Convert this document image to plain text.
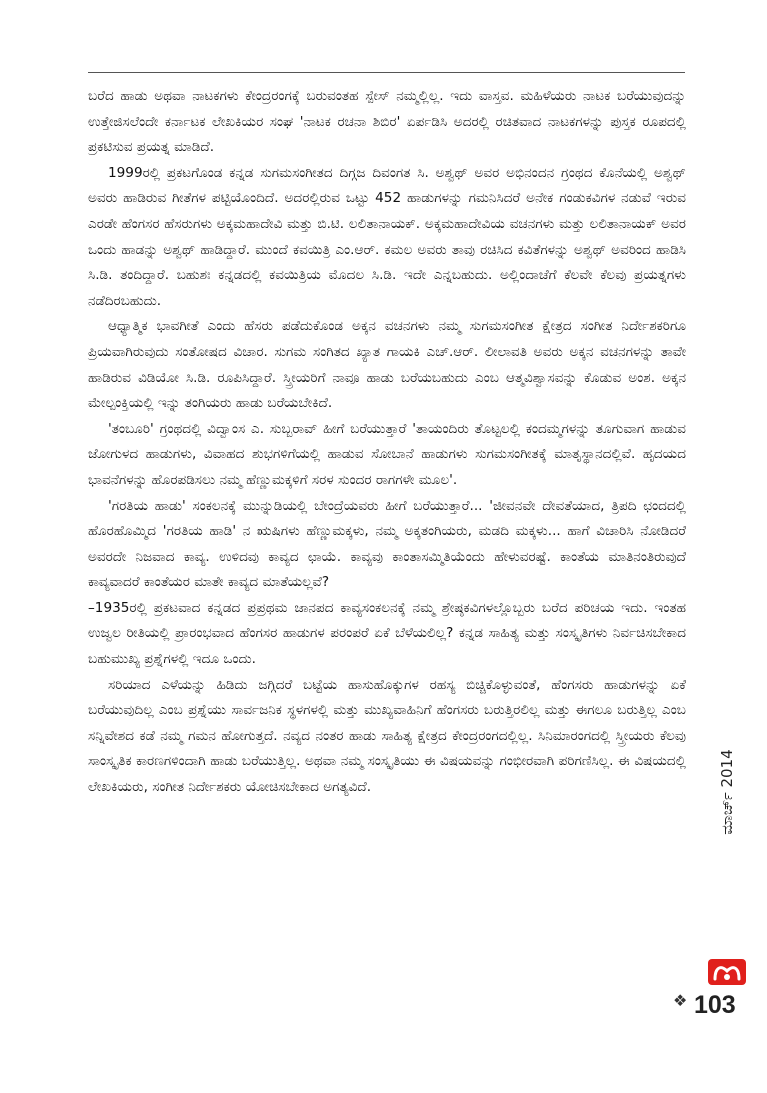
ಬರೆದ ಹಾಡು ಅಥವಾ ನಾಟಕಗಳು ಕೇಂದ್ರರಂಗಕ್ಕೆ ಬರುವಂತಹ ಸ್ಪೇಸ್ ನಮ್ಮಲ್ಲಿಲ್ಲ. ಇದು ವಾಸ್ತವ. ಮಹಿಳೆಯರು ನಾಟಕ ಬರೆಯುವುದನ್ನು ಉತ್ತೇಜಿಸಲೆಂದೇ ಕರ್ನಾಟಕ ಲೇಖಕಿಯರ ಸಂಘ 'ನಾಟಕ ರಚನಾ ಶಿಬಿರ' ಏರ್ಪಡಿಸಿ ಅದರಲ್ಲಿ ರಚಿತವಾದ ನಾಟಕಗಳನ್ನು ಪುಸ್ತಕ ರೂಪದಲ್ಲಿ ಪ್ರಕಟಿಸುವ ಪ್ರಯತ್ನ ಮಾಡಿದೆ.

1999ರಲ್ಲಿ ಪ್ರಕಟಗೊಂಡ ಕನ್ನಡ ಸುಗಮಸಂಗೀತದ ದಿಗ್ಗಜ ದಿವಂಗತ ಸಿ. ಅಶ್ವಥ್ ಅವರ ಅಭಿನಂದನ ಗ್ರಂಥದ ಕೊನೆಯಲ್ಲಿ ಅಶ್ವಥ್ ಅವರು ಹಾಡಿರುವ ಗೀತೆಗಳ ಪಟ್ಟಿಯೊಂದಿದೆ. ಅದರಲ್ಲಿರುವ ಒಟ್ಟು 452 ಹಾಡುಗಳನ್ನು ಗಮನಿಸಿದರೆ ಅನೇಕ ಗಂಡುಕವಿಗಳ ನಡುವೆ ಇರುವ ಎರಡೇ ಹೆಂಗಸರ ಹೆಸರುಗಳು ಅಕ್ಕಮಹಾದೇವಿ ಮತ್ತು ಬಿ.ಟಿ. ಲಲಿತಾನಾಯಕ್. ಅಕ್ಕಮಹಾದೇವಿಯ ವಚನಗಳು ಮತ್ತು ಲಲಿತಾನಾಯಕ್ ಅವರ ಒಂದು ಹಾಡನ್ನು ಅಶ್ವಥ್ ಹಾಡಿದ್ದಾರೆ. ಮುಂದೆ ಕವಯಿತ್ರಿ ಎಂ.ಆರ್. ಕಮಲ ಅವರು ತಾವು ರಚಿಸಿದ ಕವಿತೆಗಳನ್ನು ಅಶ್ವಥ್ ಅವರಿಂದ ಹಾಡಿಸಿ ಸಿ.ಡಿ. ತಂದಿದ್ದಾರೆ. ಬಹುಶಃ ಕನ್ನಡದಲ್ಲಿ ಕವಯಿತ್ರಿಯ ಮೊದಲ ಸಿ.ಡಿ. ಇದೇ ಎನ್ನಬಹುದು. ಅಲ್ಲಿಂದಾಚೆಗೆ ಕೆಲವೇ ಕೆಲವು ಪ್ರಯತ್ನಗಳು ನಡೆದಿರಬಹುದು.

ಆಧ್ಯಾತ್ಮಿಕ ಭಾವಗೀತೆ ಎಂದು ಹೆಸರು ಪಡೆದುಕೊಂಡ ಅಕ್ಕನ ವಚನಗಳು ನಮ್ಮ ಸುಗಮಸಂಗೀತ ಕ್ಷೇತ್ರದ ಸಂಗೀತ ನಿರ್ದೇಶಕರಿಗೂ ಪ್ರಿಯವಾಗಿರುವುದು ಸಂತೋಷದ ವಿಚಾರ. ಸುಗಮ ಸಂಗಿತದ ಖ್ಯಾತ ಗಾಯಕಿ ಎಚ್.ಆರ್. ಲೀಲಾವತಿ ಅವರು ಅಕ್ಕನ ವಚನಗಳನ್ನು ತಾವೇ ಹಾಡಿರುವ ವಿಡಿಯೋ ಸಿ.ಡಿ. ರೂಪಿಸಿದ್ದಾರೆ. ಸ್ತ್ರೀಯರಿಗೆ ನಾವೂ ಹಾಡು ಬರೆಯಬಹುದು ಎಂಬ ಆತ್ಮವಿಶ್ವಾಸವನ್ನು ಕೊಡುವ ಅಂಶ. ಅಕ್ಕನ ಮೇಲ್ಪಂಕ್ತಿಯಲ್ಲಿ ಇನ್ನು ತಂಗಿಯರು ಹಾಡು ಬರೆಯಬೇಕಿದೆ.

'ತಂಬೂರಿ' ಗ್ರಂಥದಲ್ಲಿ ವಿದ್ವಾಂಸ ಎ. ಸುಬ್ಬರಾವ್ ಹೀಗೆ ಬರೆಯುತ್ತಾರೆ 'ತಾಯಂದಿರು ತೊಟ್ಟಲಲ್ಲಿ ಕಂದಮ್ಮಗಳನ್ನು ತೂಗುವಾಗ ಹಾಡುವ ಜೋಗುಳದ ಹಾಡುಗಳು, ವಿವಾಹದ ಶುಭಗಳಿಗೆಯಲ್ಲಿ ಹಾಡುವ ಸೋಬಾನೆ ಹಾಡುಗಳು ಸುಗಮಸಂಗೀತಕ್ಕೆ ಮಾತೃಸ್ಥಾನದಲ್ಲಿವೆ. ಹೃದಯದ ಭಾವನೆಗಳನ್ನು ಹೊರಪಡಿಸಲು ನಮ್ಮ ಹೆಣ್ಣುಮಕ್ಕಳಿಗೆ ಸರಳ ಸುಂದರ ರಾಗಗಳೇ ಮೂಲ'.

'ಗರತಿಯ ಹಾಡು' ಸಂಕಲನಕ್ಕೆ ಮುನ್ನುಡಿಯಲ್ಲಿ ಬೇಂದ್ರೆಯವರು ಹೀಗೆ ಬರೆಯುತ್ತಾರೆ... 'ಜೀವನವೇ ದೇವತೆಯಾದ, ತ್ರಿಪದಿ ಛಂದದಲ್ಲಿ ಹೊರಹೊಮ್ಮಿದ 'ಗರತಿಯ ಹಾಡಿ' ನ ಋಷಿಗಳು ಹೆಣ್ಣುಮಕ್ಕಳು, ನಮ್ಮ ಅಕ್ಕತಂಗಿಯರು, ಮಡದಿ ಮಕ್ಕಳು... ಹಾಗೆ ವಿಚಾರಿಸಿ ನೋಡಿದರೆ ಅವರದೇ ನಿಜವಾದ ಕಾವ್ಯ. ಉಳಿದವು ಕಾವ್ಯದ ಛಾಯೆ. ಕಾವ್ಯವು ಕಾಂತಾಸಮ್ಮಿತಿಯೆಂದು ಹೇಳುವರಷ್ಟೆ. ಕಾಂತೆಯ ಮಾತಿನಂತಿರುವುದೆ ಕಾವ್ಯವಾದರೆ ಕಾಂತೆಯರ ಮಾತೇ ಕಾವ್ಯದ ಮಾತೆಯಲ್ಲವೆ?

–1935ರಲ್ಲಿ ಪ್ರಕಟವಾದ ಕನ್ನಡದ ಪ್ರಪ್ರಥಮ ಜಾನಪದ ಕಾವ್ಯಸಂಕಲನಕ್ಕೆ ನಮ್ಮ ಶ್ರೇಷ್ಠಕವಿಗಳಲ್ಲೊಬ್ಬರು ಬರೆದ ಪರಿಚಯ ಇದು. ಇಂತಹ ಉಜ್ವಲ ರೀತಿಯಲ್ಲಿ ಪ್ರಾರಂಭವಾದ ಹೆಂಗಸರ ಹಾಡುಗಳ ಪರಂಪರೆ ಏಕೆ ಬೆಳೆಯಲಿಲ್ಲ? ಕನ್ನಡ ಸಾಹಿತ್ಯ ಮತ್ತು ಸಂಸ್ಕೃತಿಗಳು ನಿರ್ವಚಿಸಬೇಕಾದ ಬಹುಮುಖ್ಯ ಪ್ರಶ್ನೆಗಳಲ್ಲಿ ಇದೂ ಒಂದು.

ಸರಿಯಾದ ಎಳೆಯನ್ನು ಹಿಡಿದು ಜಗ್ಗಿದರೆ ಬಟ್ಟೆಯ ಹಾಸುಹೊಕ್ಕುಗಳ ರಹಸ್ಯ ಬಿಚ್ಚಿಕೊಳ್ಳುವಂತೆ, ಹೆಂಗಸರು ಹಾಡುಗಳನ್ನು ಏಕೆ ಬರೆಯುವುದಿಲ್ಲ ಎಂಬ ಪ್ರಶ್ನೆಯು ಸಾರ್ವಜನಿಕ ಸ್ಥಳಗಳಲ್ಲಿ ಮತ್ತು ಮುಖ್ಯವಾಹಿನಿಗೆ ಹೆಂಗಸರು ಬರುತ್ತಿರಲಿಲ್ಲ ಮತ್ತು ಈಗಲೂ ಬರುತ್ತಿಲ್ಲ ಎಂಬ ಸನ್ನಿವೇಶದ ಕಡೆ ನಮ್ಮ ಗಮನ ಹೋಗುತ್ತದೆ. ನವ್ಯದ ನಂತರ ಹಾಡು ಸಾಹಿತ್ಯ ಕ್ಷೇತ್ರದ ಕೇಂದ್ರರಂಗದಲ್ಲಿಲ್ಲ. ಸಿನಿಮಾರಂಗದಲ್ಲಿ ಸ್ತ್ರೀಯರು ಕೆಲವು ಸಾಂಸ್ಕೃತಿಕ ಕಾರಣಗಳಿಂದಾಗಿ ಹಾಡು ಬರೆಯುತ್ತಿಲ್ಲ. ಅಥವಾ ನಮ್ಮ ಸಂಸ್ಕೃತಿಯು ಈ ವಿಷಯವನ್ನು ಗಂಭೀರವಾಗಿ ಪರಿಗಣಿಸಿಲ್ಲ. ಈ ವಿಷಯದಲ್ಲಿ ಲೇಖಕಿಯರು, ಸಂಗೀತ ನಿರ್ದೇಶಕರು ಯೋಚಿಸಬೇಕಾದ ಅಗತ್ಯವಿದೆ.	ಮಾರ್ಚ್ 2014
❖ 103
